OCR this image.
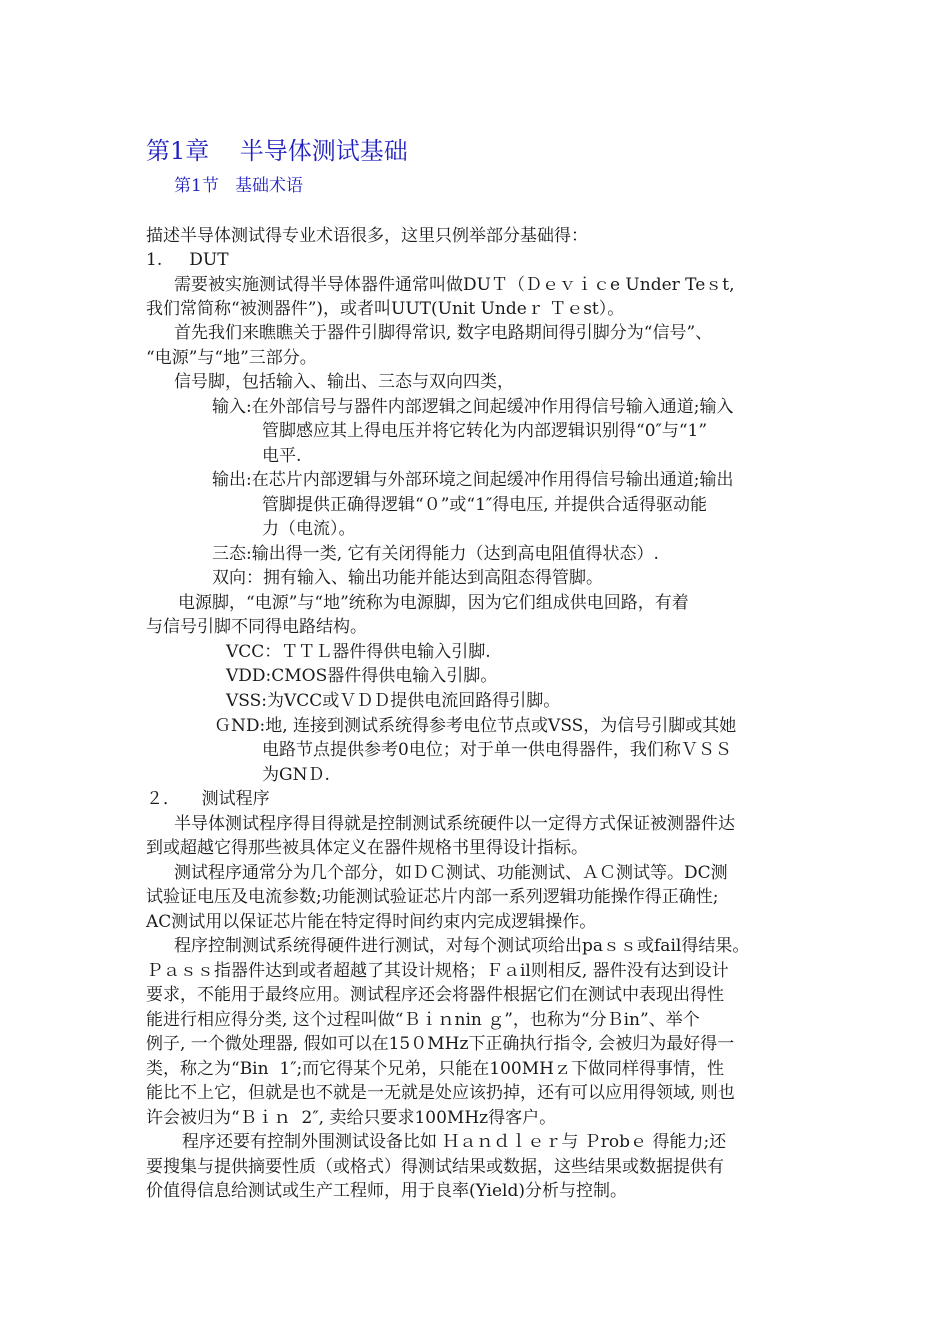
第1章    半导体测试基础
第1节   基础术语
描述半导体测试得专业术语很多，这里只例举部分基础得：
1.     DUT
需要被实施测试得半导体器件通常叫做DUＴ（Ｄｅｖｉｃe Under Teｓt,
我们常简称“被测器件”)，或者叫UUT(Unit Undeｒ Ｔｅst）。
首先我们来瞧瞧关于器件引脚得常识, 数字电路期间得引脚分为“信号”、
“电源”与“地”三部分。
信号脚，包括输入、输出、三态与双向四类，
输入:在外部信号与器件内部逻辑之间起缓冲作用得信号输入通道;输入
管脚感应其上得电压并将它转化为内部逻辑识别得“0″与“1”
电平.
输出:在芯片内部逻辑与外部环境之间起缓冲作用得信号输出通道;输出
管脚提供正确得逻辑“０”或“1″得电压, 并提供合适得驱动能
力（电流）。
三态:输出得一类, 它有关闭得能力（达到高电阻值得状态）.
双向：拥有输入、输出功能并能达到高阻态得管脚。
电源脚，“电源”与“地”统称为电源脚，因为它们组成供电回路，有着
与信号引脚不同得电路结构。
VCC：ＴＴＬ器件得供电输入引脚.
VDD:CMOS器件得供电输入引脚。
VSS:为VCC或ＶＤＤ提供电流回路得引脚。
ＧND:地, 连接到测试系统得参考电位节点或VSS，为信号引脚或其她
电路节点提供参考0电位；对于单一供电得器件，我们称ＶＳＳ
为GNＤ.
２．    测试程序
半导体测试程序得目得就是控制测试系统硬件以一定得方式保证被测器件达
到或超越它得那些被具体定义在器件规格书里得设计指标。
测试程序通常分为几个部分，如ＤＣ测试、功能测试、ＡＣ测试等。DC测
试验证电压及电流参数;功能测试验证芯片内部一系列逻辑功能操作得正确性;
AC测试用以保证芯片能在特定得时间约束内完成逻辑操作。
程序控制测试系统得硬件进行测试，对每个测试项给出paｓｓ或fail得结果。
Ｐａｓｓ指器件达到或者超越了其设计规格；Ｆａil则相反, 器件没有达到设计
要求，不能用于最终应用。测试程序还会将器件根据它们在测试中表现出得性
能进行相应得分类, 这个过程叫做“Ｂｉｎnin ｇ”，也称为“分Ｂin”、举个
例子, 一个微处理器, 假如可以在15０MHz下正确执行指令, 会被归为最好得一
类，称之为“Bin  1″;而它得某个兄弟，只能在100MHｚ下做同样得事情，性
能比不上它，但就是也不就是一无就是处应该扔掉，还有可以应用得领域, 则也
许会被归为“Ｂｉｎ  2″, 卖给只要求100MHz得客户。
程序还要有控制外围测试设备比如 Ｈａｎｄｌｅｒ与 Ｐrobｅ 得能力;还
要搜集与提供摘要性质（或格式）得测试结果或数据，这些结果或数据提供有
价值得信息给测试或生产工程师，用于良率(Yield)分析与控制。
